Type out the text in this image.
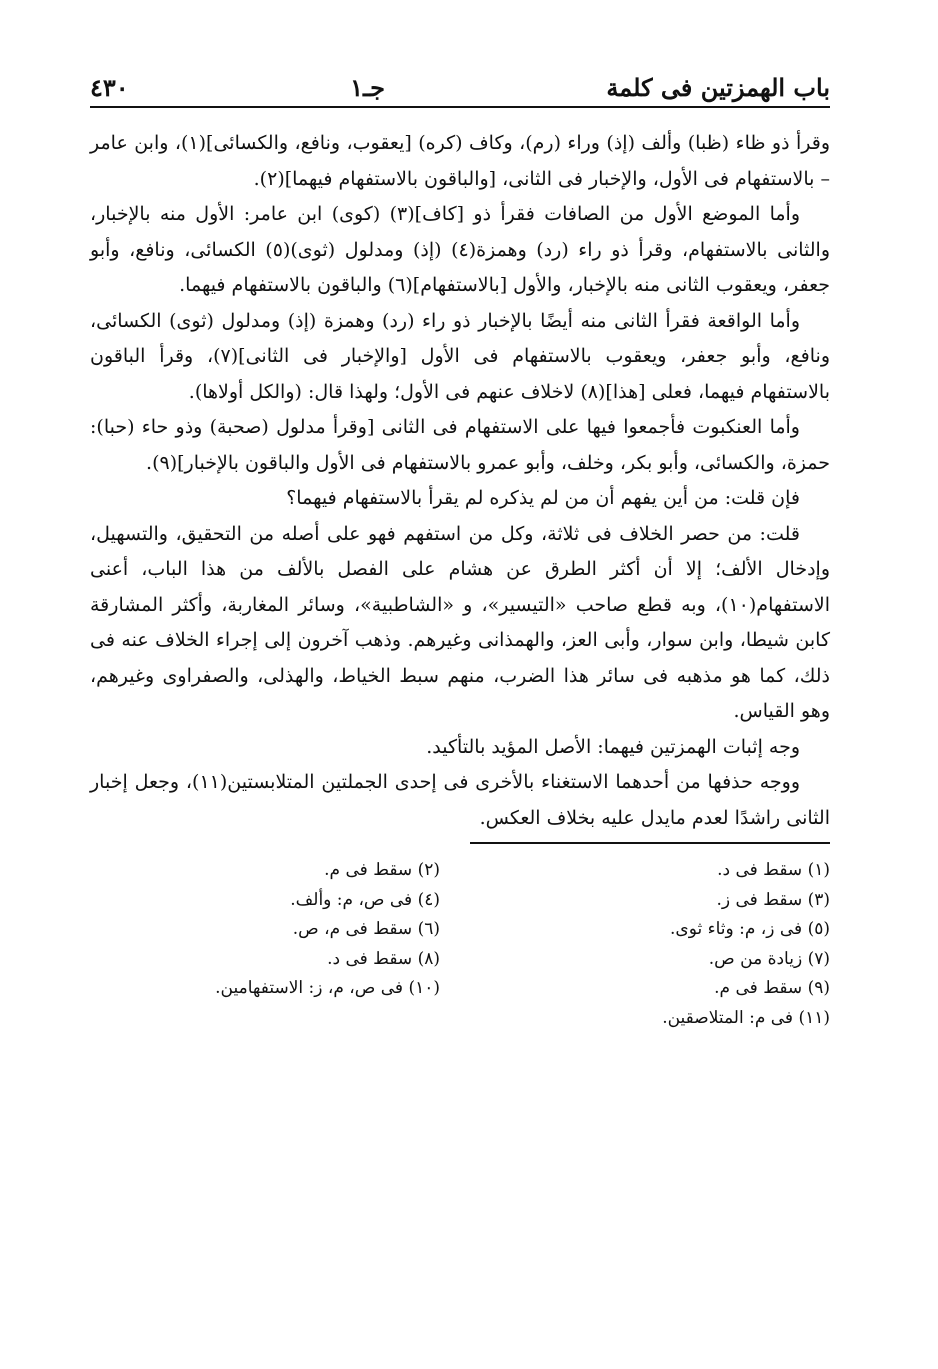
باب الهمزتين فى كلمة
جـ١
٤٣٠

وقرأ ذو ظاء (ظبا) وألف (إذ) وراء (رم)، وكاف (كره) [يعقوب، ونافع، والكسائى](١)، وابن عامر – بالاستفهام فى الأول، والإخبار فى الثانى، [والباقون بالاستفهام فيهما](٢).

وأما الموضع الأول من الصافات فقرأ ذو [كاف](٣) (كوى) ابن عامر: الأول منه بالإخبار، والثانى بالاستفهام، وقرأ ذو راء (رد) وهمزة(٤) (إذ) ومدلول (ثوى)(٥) الكسائى، ونافع، وأبو جعفر، ويعقوب الثانى منه بالإخبار، والأول [بالاستفهام](٦) والباقون بالاستفهام فيهما.

وأما الواقعة فقرأ الثانى منه أيضًا بالإخبار ذو راء (رد) وهمزة (إذ) ومدلول (ثوى) الكسائى، ونافع، وأبو جعفر، ويعقوب بالاستفهام فى الأول [والإخبار فى الثانى](٧)، وقرأ الباقون بالاستفهام فيهما، فعلى [هذا](٨) لاخلاف عنهم فى الأول؛ ولهذا قال: (والكل أولاها).

وأما العنكبوت فأجمعوا فيها على الاستفهام فى الثانى [وقرأ مدلول (صحبة) وذو حاء (حبا): حمزة، والكسائى، وأبو بكر، وخلف، وأبو عمرو بالاستفهام فى الأول والباقون بالإخبار](٩).

فإن قلت: من أين يفهم أن من لم يذكره لم يقرأ بالاستفهام فيهما؟

قلت: من حصر الخلاف فى ثلاثة، وكل من استفهم فهو على أصله من التحقيق، والتسهيل، وإدخال الألف؛ إلا أن أكثر الطرق عن هشام على الفصل بالألف من هذا الباب، أعنى الاستفهام(١٠)، وبه قطع صاحب «التيسير»، و «الشاطبية»، وسائر المغاربة، وأكثر المشارقة كابن شيطا، وابن سوار، وأبى العز، والهمذانى وغيرهم. وذهب آخرون إلى إجراء الخلاف عنه فى ذلك، كما هو مذهبه فى سائر هذا الضرب، منهم سبط الخياط، والهذلى، والصفراوى وغيرهم، وهو القياس.

وجه إثبات الهمزتين فيهما: الأصل المؤيد بالتأكيد.

ووجه حذفها من أحدهما الاستغناء بالأخرى فى إحدى الجملتين المتلابستين(١١)، وجعل إخبار الثانى راشدًا لعدم مايدل عليه بخلاف العكس.

(١) سقط فى د.
(٢) سقط فى م.
(٣) سقط فى ز.
(٤) فى ص، م: وألف.
(٥) فى ز، م: وثاء ثوى.
(٦) سقط فى م، ص.
(٧) زيادة من ص.
(٨) سقط فى د.
(٩) سقط فى م.
(١٠) فى ص، م، ز: الاستفهامين.
(١١) فى م: المتلاصقين.
